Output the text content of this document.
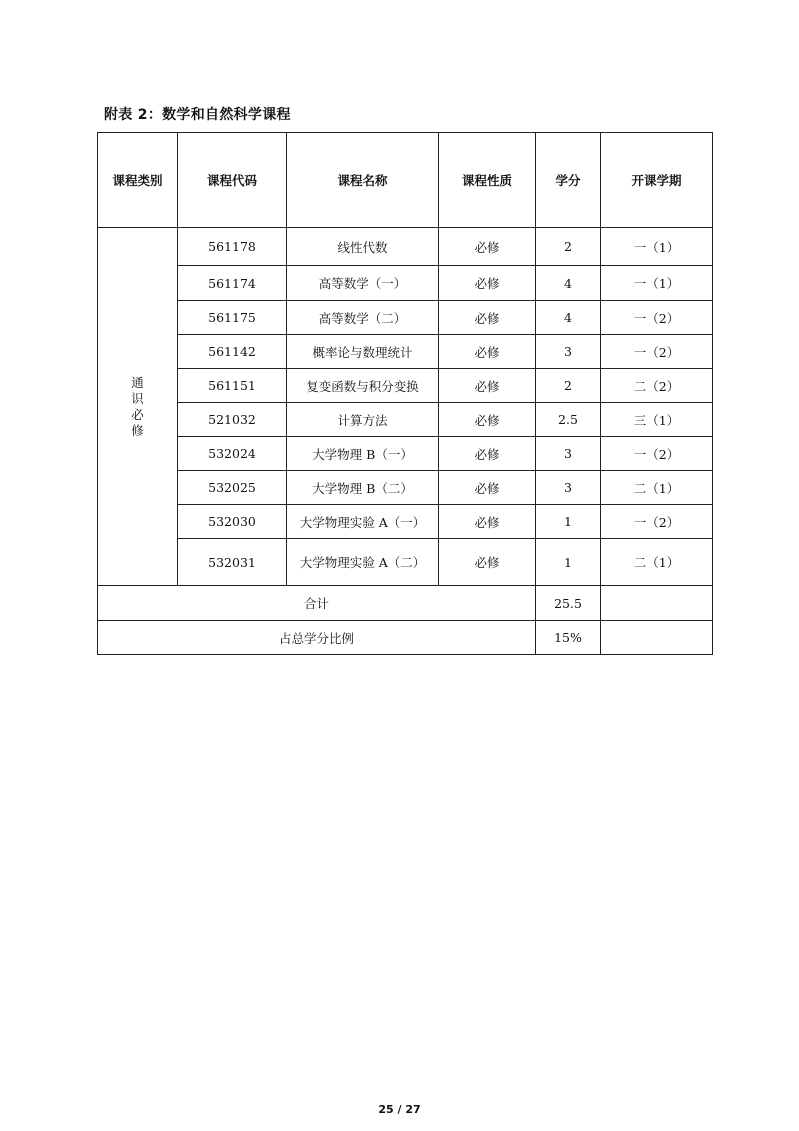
附表 2：数学和自然科学课程
课程类别	课程代码	课程名称	课程性质	学分	开课学期
通识必修	561178	线性代数	必修	2	一（1）
	561174	高等数学（一）	必修	4	一（1）
	561175	高等数学（二）	必修	4	一（2）
	561142	概率论与数理统计	必修	3	一（2）
	561151	复变函数与积分变换	必修	2	二（2）
	521032	计算方法	必修	2.5	三（1）
	532024	大学物理 B（一）	必修	3	一（2）
	532025	大学物理 B（二）	必修	3	二（1）
	532030	大学物理实验 A（一）	必修	1	一（2）
	532031	大学物理实验 A（二）	必修	1	二（1）
合计				25.5	
占总学分比例				15%	
25 / 27
